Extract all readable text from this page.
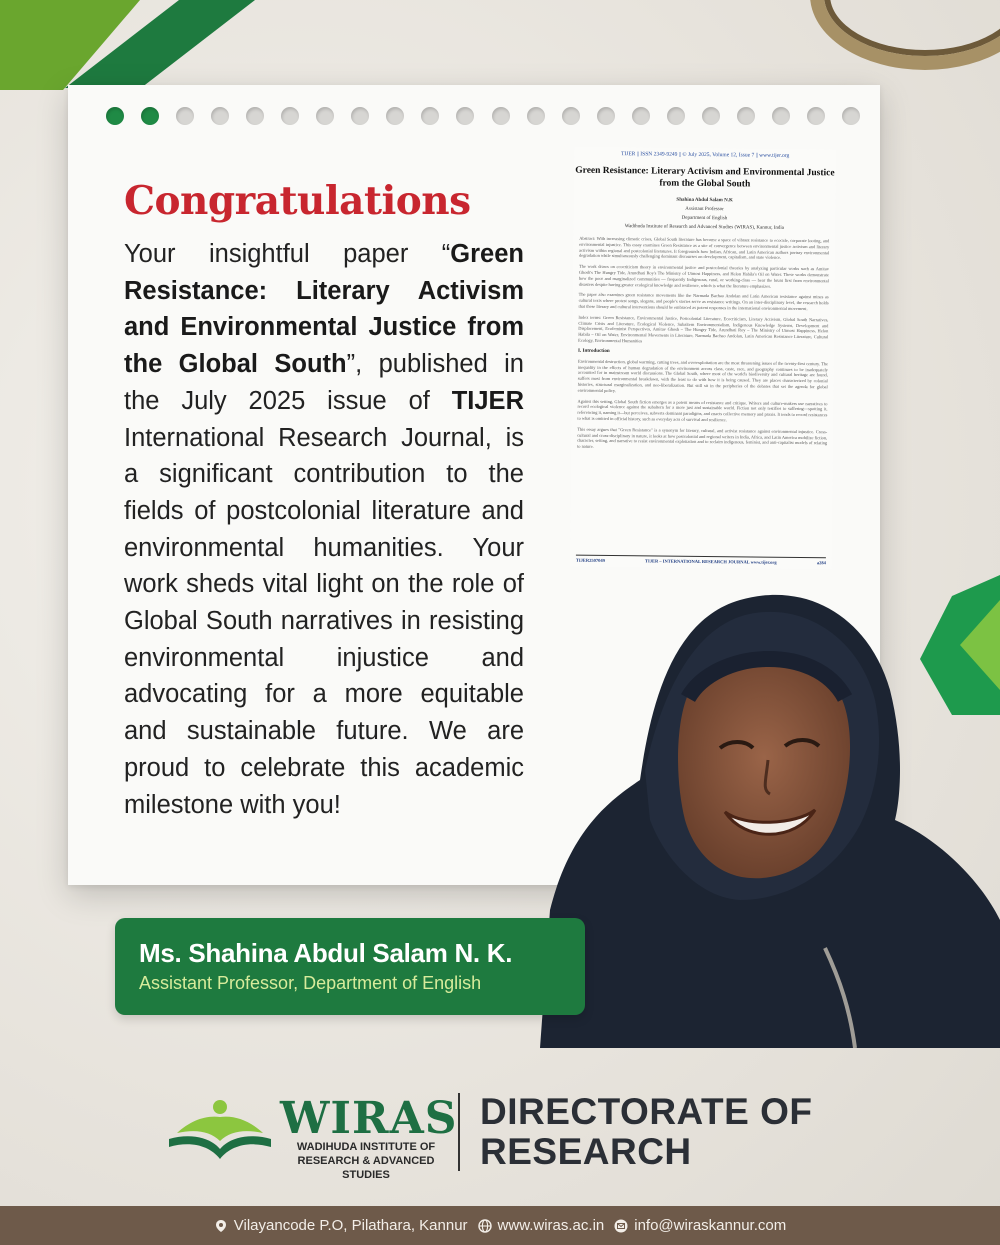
Congratulations
Your insightful paper “Green Resistance: Literary Activism and Environmental Justice from the Global South”, published in the July 2025 issue of TIJER International Research Journal, is a significant contribution to the fields of postcolonial literature and environmental humanities. Your work sheds vital light on the role of Global South narratives in resisting environmental injustice and advocating for a more equitable and sustainable future. We are proud to celebrate this academic milestone with you!
TIJER || ISSN 2349-9249 || © July 2025, Volume 12, Issue 7 || www.tijer.org
Green Resistance: Literary Activism and Environmental Justice from the Global South
Shahina Abdul Salam N.K
Assistant Professor
Department of English
Wadihuda Institute of Research and Advanced Studies (WIRAS), Kannur, India
Abstract: With increasing climatic crises, Global South literature has become a space of vibrant resistance to ecocide, corporate looting, and environmental injustice. This essay examines Green Resistance as a site of convergence between environmental justice activism and literary activism within regional and postcolonial literatures. It foregrounds how Indian, African, and Latin American authors portray environmental degradation while simultaneously challenging dominant discourses on development, capitalism, and state violence.
The work draws on ecocriticism theory in environmental justice and postcolonial theories by analyzing particular works such as Amitav Ghosh's The Hungry Tide, Arundhati Roy's The Ministry of Utmost Happiness, and Helon Habila's Oil on Water. These works demonstrate how the poor and marginalized communities — frequently Indigenous, rural, or working-class — bear the brunt first from environmental disasters despite having greater ecological knowledge and resilience, which is what the literature emphasizes.
The paper also examines green resistance movements like the Narmada Bachao Andolan and Latin American resistance against mines as cultural texts where protest songs, slogans, and people's stories serve as resistance writings. On an inter-disciplinary level, the research holds that these literary and cultural interventions should be embraced as potent responses in the international environmental movement.
Index terms: Green Resistance, Environmental Justice, Postcolonial Literature, Ecocriticism, Literary Activism, Global South Narratives, Climate Crisis and Literature, Ecological Violence, Subaltern Environmentalism, Indigenous Knowledge Systems, Development and Displacement, Ecofeminist Perspectives, Amitav Ghosh – The Hungry Tide, Arundhati Roy – The Ministry of Utmost Happiness, Helon Habila – Oil on Water, Environmental Movements in Literature, Narmada Bachao Andolan, Latin American Resistance Literature, Cultural Ecology, Environmental Humanities
I. Introduction
Environmental destruction, global warming, cutting trees, and overexploitation are the most threatening issues of the twenty-first century. The inequality in the effects of human degradation of the environment across class, caste, race, and geography continues to be inadequately accounted for in mainstream world discussions. The Global South, where most of the world's biodiversity and cultural heritage are found, suffers most from environmental breakdown, with the least to do with how it is being caused. They are places characterized by colonial histories, structural marginalization, and neo-liberalization. But still sit in the peripheries of the debates that set the agenda for global environmental policy.
Against this setting, Global South fiction emerges as a potent means of resistance and critique. Writers and culture-makers use narratives to record ecological violence against the subaltern for a more just and sustainable world. Fiction not only testifies to suffering—spotting it, referencing it, naming it—but perceives, subverts dominant paradigms, and enacts collective memory and praxis. It tends to record resistances to what is omitted in official history, such as everyday acts of survival and resilience.
This essay argues that "Green Resistance" is a synonym for literary, cultural, and activist resistance against environmental injustice. Cross-cultural and cross-disciplinary in nature, it looks at how postcolonial and regional writers in India, Africa, and Latin America mobilize fiction, character, setting, and narrative to resist environmental exploitation and to reclaim indigenous, feminist, and anti-capitalist models of relating to nature.
TIJER2507049	TIJER – INTERNATIONAL RESEARCH JOURNAL www.tijer.org	a284
Ms. Shahina Abdul Salam N. K.
Assistant Professor, Department of English
WIRAS
WADIHUDA INSTITUTE OF RESEARCH & ADVANCED STUDIES
DIRECTORATE OF
RESEARCH
Vilayancode P.O, Pilathara, Kannur www.wiras.ac.in info@wiraskannur.com
